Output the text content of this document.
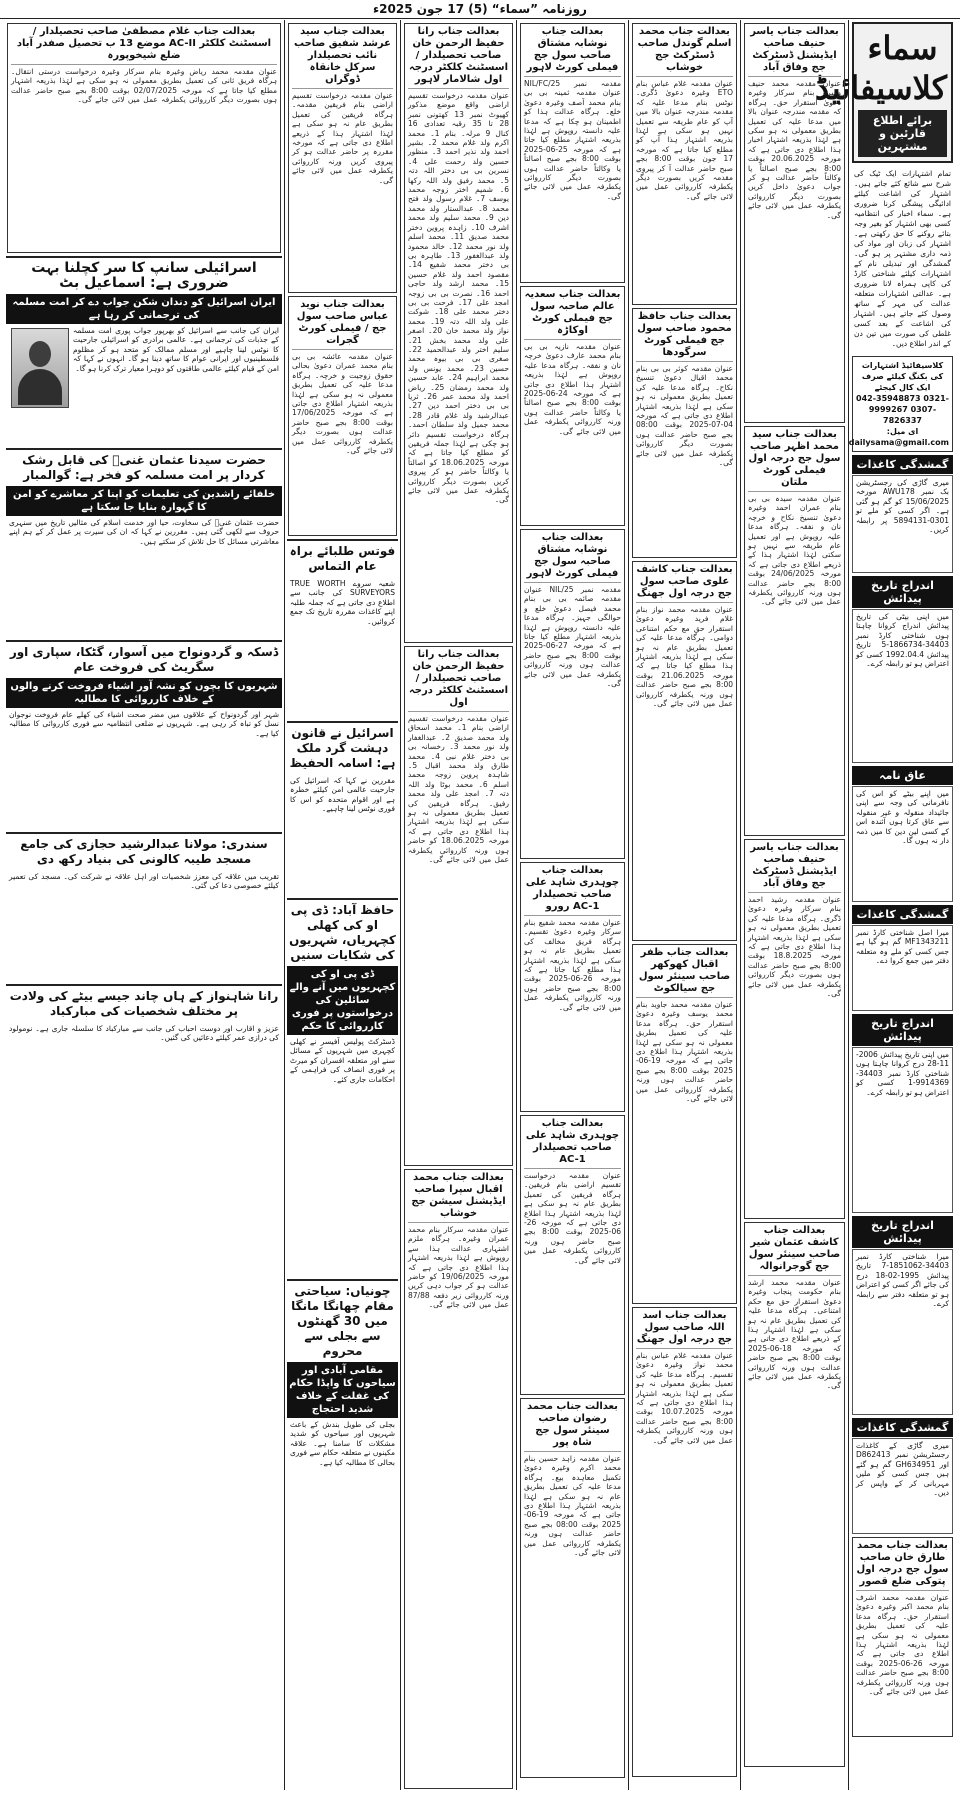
روزنامہ ”سماء“ (5) 17 جون 2025ء
سماء کلاسیفائیڈ
برائے اطلاع قارئین و مشتہرین
تمام اشتہارات ایک ٹیک کی شرح سے شائع کئے جاتے ہیں۔ اشتہار کی اشاعت کیلئے ادائیگی پیشگی کرنا ضروری ہے۔ سماء اخبار کی انتظامیہ کسی بھی اشتہار کو بغیر وجہ بتائے روکنے کا حق رکھتی ہے۔ اشتہار کی زبان اور مواد کی ذمہ داری مشتہر پر ہو گی۔ گمشدگی اور تبدیلی نام کے اشتہارات کیلئے شناختی کارڈ کی کاپی ہمراہ لانا ضروری ہے۔ عدالتی اشتہارات متعلقہ عدالت کی مہر کے ساتھ وصول کئے جاتے ہیں۔ اشتہار کی اشاعت کے بعد کسی غلطی کی صورت میں تین دن کے اندر اطلاع دیں۔
کلاسیفائیڈ اشتہارات کی بکنگ کیلئے صرف ایک کال کیجئے
042-35948873 0321-9999267 0307-7826337
ای میل: dailysama@gmail.com
گمشدگی کاغذات
میری گاڑی کی رجسٹریشن بک نمبر AWU178 مورخہ 15/06/2025 کو گم ہو گئی ہے۔ اگر کسی کو ملے تو 0301-5894131 پر رابطہ کریں۔
اندراج تاریخ پیدائش
میں اپنی بیٹی کی تاریخ پیدائش اندراج کروانا چاہتا ہوں شناختی کارڈ نمبر 34403-1866734-5 تاریخ پیدائش 1992.04.4 کسی کو اعتراض ہو تو رابطہ کرے۔
عاق نامہ
میں اپنے بیٹے کو اس کی نافرمانی کی وجہ سے اپنی جائیداد منقولہ و غیر منقولہ سے عاق کرتا ہوں آئندہ اس کے کسی لین دین کا میں ذمہ دار نہ ہوں گا۔
گمشدگی کاغذات
میرا اصل شناختی کارڈ نمبر MF1343211 گم ہو گیا ہے جس کسی کو ملے وہ متعلقہ دفتر میں جمع کروا دے۔
اندراج تاریخ پیدائش
میں اپنی تاریخ پیدائش 2006-11-28 درج کروانا چاہتا ہوں شناختی کارڈ نمبر 34403-9914369-1 کسی کو اعتراض ہو تو رابطہ کرے۔
اندراج تاریخ پیدائش
میرا شناختی کارڈ نمبر 34403-1851062-7 تاریخ پیدائش 1995-02-18 درج کی جائے اگر کسی کو اعتراض ہو تو متعلقہ دفتر سے رابطہ کرے۔
گمشدگی کاغذات
میری گاڑی کے کاغذات رجسٹریشن نمبر D862413 اور GH634951 گم ہو گئے ہیں جس کسی کو ملیں مہربانی کر کے واپس کر دیں۔
بعدالت جناب محمد طارق خان صاحب سول جج درجہ اول پتوکی ضلع قصور
عنوان مقدمہ محمد اشرف بنام محمد اکبر وغیرہ دعویٰ استقرار حق۔ ہرگاہ مدعا علیہ کی تعمیل بطریق معمولی نہ ہو سکی ہے لہٰذا بذریعہ اشتہار ہذا اطلاع دی جاتی ہے کہ مورخہ 26-06-2025 بوقت 8:00 بجے صبح حاضر عدالت ہوں ورنہ کارروائی یکطرفہ عمل میں لائی جائے گی۔
بعدالت جناب یاسر حنیف صاحب ایڈیشنل ڈسٹرکٹ جج وفاق آباد
عنوان مقدمہ محمد حنیف وغیرہ بنام سرکار وغیرہ دعویٰ استقرار حق۔ ہرگاہ کہ مقدمہ مندرجہ عنوان بالا میں مدعا علیہ کی تعمیل بطریق معمولی نہ ہو سکی ہے لہٰذا بذریعہ اشتہار اخبار ہذا اطلاع دی جاتی ہے کہ مورخہ 20.06.2025 بوقت 8:00 بجے صبح اصالتاً یا وکالتاً حاضر عدالت ہو کر جواب دعویٰ داخل کریں بصورت دیگر کارروائی یکطرفہ عمل میں لائی جائے گی۔
بعدالت جناب سید محمد اظہر صاحب سول جج درجہ اول فیملی کورٹ ملتان
عنوان مقدمہ سیدہ بی بی بنام عمران احمد وغیرہ دعویٰ تنسیخ نکاح و خرچہ نان و نفقہ۔ ہرگاہ مدعا علیہ روپوش ہے اور تعمیل عام طریقہ سے نہیں ہو سکتی لہٰذا اشتہار ہذا کے ذریعے اطلاع دی جاتی ہے کہ مورخہ 24/06/2025 بوقت 8:00 بجے حاضر عدالت ہوں ورنہ کارروائی یکطرفہ عمل میں لائی جائے گی۔
بعدالت جناب یاسر حنیف صاحب ایڈیشنل ڈسٹرکٹ جج وفاق آباد
عنوان مقدمہ رشید احمد بنام سرکار وغیرہ دعویٰ ڈگری۔ ہرگاہ مدعا علیہ کی تعمیل بطریق معمولی نہ ہو سکی ہے لہٰذا بذریعہ اشتہار ہذا اطلاع دی جاتی ہے کہ مورخہ 18.8.2025 بوقت 8:00 بجے صبح حاضر عدالت ہوں بصورت دیگر کارروائی یکطرفہ عمل میں لائی جائے گی۔
بعدالت جناب کاشف عثمان شیر صاحب سینئر سول جج گوجرانوالہ
عنوان مقدمہ محمد ارشد بنام حکومت پنجاب وغیرہ دعویٰ استقرار حق مع حکم امتناعی۔ ہرگاہ مدعا علیہ کی تعمیل بطریق عام نہ ہو سکی ہے لہٰذا اشتہار ہذا کے ذریعے اطلاع دی جاتی ہے کہ مورخہ 18-06-2025 بوقت 8:00 بجے صبح حاضر عدالت ہوں ورنہ کارروائی یکطرفہ عمل میں لائی جائے گی۔
بعدالت جناب محمد اسلم گوندل صاحب ڈسٹرکٹ جج خوشاب
عنوان مقدمہ غلام عباس بنام ETO وغیرہ دعویٰ ڈگری۔ نوٹس بنام مدعا علیہ کہ مقدمہ مندرجہ عنوان بالا میں آپ کو عام طریقہ سے تعمیل نہیں ہو سکی ہے لہٰذا بذریعہ اشتہار ہذا آپ کو مطلع کیا جاتا ہے کہ مورخہ 17 جون بوقت 8:00 بجے صبح حاضر عدالت آ کر پیروی مقدمہ کریں بصورت دیگر یکطرفہ کارروائی عمل میں لائی جائے گی۔
بعدالت جناب حافظ محمود صاحب سول جج فیملی کورٹ سرگودھا
عنوان مقدمہ کوثر بی بی بنام محمد اقبال دعویٰ تنسیخ نکاح۔ ہرگاہ مدعا علیہ کی تعمیل بطریق معمولی نہ ہو سکی ہے لہٰذا بذریعہ اشتہار اطلاع دی جاتی ہے کہ مورخہ 04-07-2025 بوقت 08:00 بجے صبح حاضر عدالت ہوں بصورت دیگر کارروائی یکطرفہ عمل میں لائی جائے گی۔
بعدالت جناب کاشف علوی صاحب سول جج درجہ اول جھنگ
عنوان مقدمہ محمد نواز بنام غلام فرید وغیرہ دعویٰ استقرار حق مع حکم امتناعی دوامی۔ ہرگاہ مدعا علیہ کی تعمیل بطریق عام نہ ہو سکی ہے لہٰذا بذریعہ اشتہار ہذا مطلع کیا جاتا ہے کہ مورخہ 21.06.2025 بوقت 8:00 بجے صبح حاضر عدالت ہوں ورنہ یکطرفہ کارروائی عمل میں لائی جائے گی۔
بعدالت جناب ظفر اقبال کھوکھر صاحب سینئر سول جج سیالکوٹ
عنوان مقدمہ محمد جاوید بنام محمد یوسف وغیرہ دعویٰ استقرار حق۔ ہرگاہ مدعا علیہ کی تعمیل بطریق معمولی نہ ہو سکی ہے لہٰذا بذریعہ اشتہار ہذا اطلاع دی جاتی ہے کہ مورخہ 19-06-2025 بوقت 8:00 بجے صبح حاضر عدالت ہوں ورنہ یکطرفہ کارروائی عمل میں لائی جائے گی۔
بعدالت جناب اسد اللہ صاحب سول جج درجہ اول جھنگ
عنوان مقدمہ غلام عباس بنام محمد نواز وغیرہ دعویٰ تقسیم۔ ہرگاہ مدعا علیہ کی تعمیل بطریق معمولی نہ ہو سکی ہے لہٰذا بذریعہ اشتہار ہذا اطلاع دی جاتی ہے کہ مورخہ 10.07.2025 بوقت 8:00 بجے صبح حاضر عدالت ہوں ورنہ کارروائی یکطرفہ عمل میں لائی جائے گی۔
بعدالت جناب نوشابہ مشتاق صاحب سول جج فیملی کورٹ لاہور
مقدمہ نمبر NIL/FC/25 عنوان مقدمہ ثمینہ بی بی بنام محمد آصف وغیرہ دعویٰ خلع۔ ہرگاہ عدالت ہذا کو اطمینان ہو چکا ہے کہ مدعا علیہ دانستہ روپوش ہے لہٰذا بذریعہ اشتہار مطلع کیا جاتا ہے کہ مورخہ 25-06-2025 بوقت 8:00 بجے صبح اصالتاً یا وکالتاً حاضر عدالت ہوں بصورت دیگر کارروائی یکطرفہ عمل میں لائی جائے گی۔
بعدالت جناب سعدیہ عالم صاحبہ سول جج فیملی کورٹ اوکاڑہ
عنوان مقدمہ نازیہ بی بی بنام محمد عارف دعویٰ خرچہ نان و نفقہ۔ ہرگاہ مدعا علیہ روپوش ہے لہٰذا بذریعہ اشتہار ہذا اطلاع دی جاتی ہے کہ مورخہ 24-06-2025 بوقت 8:00 بجے صبح اصالتاً یا وکالتاً حاضر عدالت ہوں ورنہ کارروائی یکطرفہ عمل میں لائی جائے گی۔
بعدالت جناب نوشابہ مشتاق صاحبہ سول جج فیملی کورٹ لاہور
مقدمہ نمبر NIL/25 عنوان مقدمہ صائمہ بی بی بنام محمد فیصل دعویٰ خلع و حوالگی جہیز۔ ہرگاہ مدعا علیہ دانستہ روپوش ہے لہٰذا بذریعہ اشتہار مطلع کیا جاتا ہے کہ مورخہ 27-06-2025 بوقت 8:00 بجے صبح حاضر عدالت ہوں ورنہ کارروائی یکطرفہ عمل میں لائی جائے گی۔
بعدالت جناب چوہدری شاہد علی صاحب تحصیلدار AC-1 رورو
عنوان مقدمہ محمد شفیع بنام سرکار وغیرہ دعویٰ تقسیم۔ ہرگاہ فریق مخالف کی تعمیل بطریق عام نہ ہو سکی ہے لہٰذا بذریعہ اشتہار ہذا مطلع کیا جاتا ہے کہ مورخہ 26-06-2025 بوقت 8:00 بجے صبح حاضر ہوں ورنہ کارروائی یکطرفہ عمل میں لائی جائے گی۔
بعدالت جناب چوہدری شاہد علی صاحب تحصیلدار AC-1
عنوان مقدمہ درخواست تقسیم اراضی بنام فریقین۔ ہرگاہ فریقین کی تعمیل بطریق عام نہ ہو سکی ہے لہٰذا بذریعہ اشتہار ہذا اطلاع دی جاتی ہے کہ مورخہ 26-06-2025 بوقت 8:00 بجے صبح حاضر ہوں ورنہ کارروائی یکطرفہ عمل میں لائی جائے گی۔
بعدالت جناب محمد رضوان صاحب سینئر سول جج شاہ پور
عنوان مقدمہ زاہد حسین بنام محمد اکرم وغیرہ دعویٰ تکمیل معاہدہ بیع۔ ہرگاہ مدعا علیہ کی تعمیل بطریق عام نہ ہو سکی ہے لہٰذا بذریعہ اشتہار ہذا اطلاع دی جاتی ہے کہ مورخہ 19-06-2025 بوقت 08:00 بجے صبح حاضر عدالت ہوں ورنہ یکطرفہ کارروائی عمل میں لائی جائے گی۔
بعدالت جناب رانا حفیظ الرحمن خان صاحب تحصیلدار / اسسٹنٹ کلکٹر درجہ اول شالامار لاہور
عنوان مقدمہ درخواست تقسیم اراضی واقع موضع مذکور کھیوٹ نمبر 13 کھتونی نمبر 28 تا 35 رقبہ تعدادی 16 کنال 9 مرلہ۔ بنام 1۔ محمد اکرم ولد غلام محمد 2۔ بشیر احمد ولد نذیر احمد 3۔ منظور حسین ولد رحمت علی 4۔ نسرین بی بی دختر اللہ دتہ 5۔ محمد رفیق ولد اللہ رکھا 6۔ شمیم اختر زوجہ محمد یوسف 7۔ غلام رسول ولد فتح محمد 8۔ عبدالستار ولد محمد دین 9۔ محمد سلیم ولد محمد اشرف 10۔ زاہدہ پروین دختر محمد صدیق 11۔ محمد اسلم ولد نور محمد 12۔ خالد محمود ولد عبدالغفور 13۔ طاہرہ بی بی دختر محمد شفیع 14۔ مقصود احمد ولد غلام حسین 15۔ محمد ارشد ولد حاجی احمد 16۔ نصرت بی بی زوجہ امجد علی 17۔ فرحت بی بی دختر محمد علی 18۔ شوکت علی ولد اللہ دتہ 19۔ محمد نواز ولد محمد خان 20۔ اصغر علی ولد محمد بخش 21۔ سلیم اختر ولد عبدالحمید 22۔ صغری بی بی بیوہ محمد حسین 23۔ محمد یونس ولد محمد ابراہیم 24۔ عابد حسین ولد محمد رمضان 25۔ ریاض احمد ولد محمد عمر 26۔ ثریا بی بی دختر احمد دین 27۔ عبدالرشید ولد غلام قادر 28۔ محمد جمیل ولد سلطان احمد۔ ہرگاہ درخواست تقسیم دائر ہو چکی ہے لہٰذا جملہ فریقین کو مطلع کیا جاتا ہے کہ مورخہ 18.06.2025 کو اصالتاً یا وکالتاً حاضر ہو کر پیروی کریں بصورت دیگر کارروائی یکطرفہ عمل میں لائی جائے گی۔
بعدالت جناب رانا حفیظ الرحمن خان صاحب تحصیلدار / اسسٹنٹ کلکٹر درجہ اول
عنوان مقدمہ درخواست تقسیم اراضی بنام 1۔ محمد اسحاق ولد محمد صدیق 2۔ عبدالغفار ولد نور محمد 3۔ رخسانہ بی بی دختر غلام نبی 4۔ محمد طارق ولد محمد اقبال 5۔ شاہدہ پروین زوجہ محمد اسلم 6۔ محمد بوٹا ولد اللہ دتہ 7۔ امجد علی ولد محمد رفیق۔ ہرگاہ فریقین کی تعمیل بطریق معمولی نہ ہو سکی ہے لہٰذا بذریعہ اشتہار ہذا اطلاع دی جاتی ہے کہ مورخہ 18.06.2025 کو حاضر ہوں ورنہ کارروائی یکطرفہ عمل میں لائی جائے گی۔
بعدالت جناب محمد اقبال سپرا صاحب ایڈیشنل سیشن جج خوشاب
عنوان مقدمہ سرکار بنام محمد عمران وغیرہ۔ ہرگاہ ملزم اشتہاری عدالت ہذا سے روپوش ہے لہٰذا بذریعہ اشتہار ہذا اطلاع دی جاتی ہے کہ مورخہ 19/06/2025 کو حاضر عدالت ہو کر جواب دہی کریں ورنہ کارروائی زیر دفعہ 87/88 عمل میں لائی جائے گی۔
بعدالت جناب سید عرشد شفیق صاحب نائب تحصیلدار سرکل خانقاہ ڈوگراں
عنوان مقدمہ درخواست تقسیم اراضی بنام فریقین مقدمہ۔ ہرگاہ فریقین کی تعمیل بطریق عام نہ ہو سکی ہے لہٰذا اشتہار ہذا کے ذریعے اطلاع دی جاتی ہے کہ مورخہ مقررہ پر حاضر عدالت ہو کر پیروی کریں ورنہ کارروائی یکطرفہ عمل میں لائی جائے گی۔
بعدالت جناب نوید عباس صاحب سول جج / فیملی کورٹ گجرات
عنوان مقدمہ عائشہ بی بی بنام محمد عمران دعویٰ بحالی حقوق زوجیت و خرچہ۔ ہرگاہ مدعا علیہ کی تعمیل بطریق معمولی نہ ہو سکی ہے لہٰذا بذریعہ اشتہار اطلاع دی جاتی ہے کہ مورخہ 17/06/2025 بوقت 8:00 بجے صبح حاضر عدالت ہوں بصورت دیگر یکطرفہ کارروائی عمل میں لائی جائے گی۔
فوتس طلبائے براہ عام التماس
شعبہ سروے TRUE WORTH SURVEYORS کی جانب سے اطلاع دی جاتی ہے کہ جملہ طلبہ اپنے کاغذات مقررہ تاریخ تک جمع کروائیں۔
اسرائیل نے قانون دہشت گرد ملک ہے: اسامہ الحفیظ
مقررین نے کہا کہ اسرائیل کی جارحیت عالمی امن کیلئے خطرہ ہے اور اقوام متحدہ کو اس کا فوری نوٹس لینا چاہیے۔
حافظ آباد: ڈی پی او کی کھلی کچہریاں، شہریوں کی شکایات سنیں
ڈی پی او کی کچہریوں میں آنے والے سائلین کی درخواستوں پر فوری کارروائی کا حکم
ڈسٹرکٹ پولیس آفیسر نے کھلی کچہری میں شہریوں کے مسائل سنے اور متعلقہ افسران کو میرٹ پر فوری انصاف کی فراہمی کے احکامات جاری کئے۔
چونیاں: سیاحتی مقام چھانگا مانگا میں 30 گھنٹوں سے بجلی سے محروم
مقامی آبادی اور سیاحوں کا واپڈا حکام کی غفلت کے خلاف شدید احتجاج
بجلی کی طویل بندش کے باعث شہریوں اور سیاحوں کو شدید مشکلات کا سامنا ہے۔ علاقہ مکینوں نے متعلقہ حکام سے فوری بحالی کا مطالبہ کیا ہے۔
بعدالت جناب غلام مصطفیٰ صاحب تحصیلدار / اسسٹنٹ کلکٹر AC-II موضع 13 ب تحصیل صفدر آباد ضلع شیخوپورہ
عنوان مقدمہ محمد ریاض وغیرہ بنام سرکار وغیرہ درخواست درستی انتقال۔ ہرگاہ فریق ثانی کی تعمیل بطریق معمولی نہ ہو سکی ہے لہٰذا بذریعہ اشتہار مطلع کیا جاتا ہے کہ مورخہ 02/07/2025 بوقت 8:00 بجے صبح حاضر عدالت ہوں بصورت دیگر کارروائی یکطرفہ عمل میں لائی جائے گی۔
اسرائیلی سانپ کا سر کچلنا بہت ضروری ہے: اسماعیل بٹ
ایران اسرائیل کو دندان شکن جواب دے کر امت مسلمہ کی ترجمانی کر رہا ہے
ایران کی جانب سے اسرائیل کو بھرپور جواب پوری امت مسلمہ کے جذبات کی ترجمانی ہے۔ عالمی برادری کو اسرائیلی جارحیت کا نوٹس لینا چاہیے اور مسلم ممالک کو متحد ہو کر مظلوم فلسطینیوں اور ایرانی عوام کا ساتھ دینا ہو گا۔ انہوں نے کہا کہ امن کے قیام کیلئے عالمی طاقتوں کو دوہرا معیار ترک کرنا ہو گا۔
حضرت سیدنا عثمان غنیؓ کی قابل رشک کردار پر امت مسلمہ کو فخر ہے: گوالمبار
خلفائے راشدین کی تعلیمات کو اپنا کر معاشرے کو امن کا گہوارہ بنایا جا سکتا ہے
حضرت عثمان غنیؓ کی سخاوت، حیا اور خدمت اسلام کی مثالیں تاریخ میں سنہری حروف سے لکھی گئی ہیں۔ مقررین نے کہا کہ ان کی سیرت پر عمل کر کے ہم اپنے معاشرتی مسائل کا حل تلاش کر سکتے ہیں۔
ڈسکہ و گردونواح میں آسوار، گٹکا، سپاری اور سگریٹ کی فروخت عام
شہریوں کا بچوں کو نشہ آور اشیاء فروخت کرنے والوں کے خلاف کارروائی کا مطالبہ
شہر اور گردونواح کے علاقوں میں مضر صحت اشیاء کی کھلے عام فروخت نوجوان نسل کو تباہ کر رہی ہے۔ شہریوں نے ضلعی انتظامیہ سے فوری کارروائی کا مطالبہ کیا ہے۔
سندری: مولانا عبدالرشید حجازی کی جامع مسجد طیبہ کالونی کی بنیاد رکھ دی
تقریب میں علاقہ کی معزز شخصیات اور اہل علاقہ نے شرکت کی۔ مسجد کی تعمیر کیلئے خصوصی دعا کی گئی۔
رانا شاہنواز کے ہاں چاند جیسے بیٹے کی ولادت پر مختلف شخصیات کی مبارکباد
عزیز و اقارب اور دوست احباب کی جانب سے مبارکباد کا سلسلہ جاری ہے۔ نومولود کی درازی عمر کیلئے دعائیں کی گئیں۔
